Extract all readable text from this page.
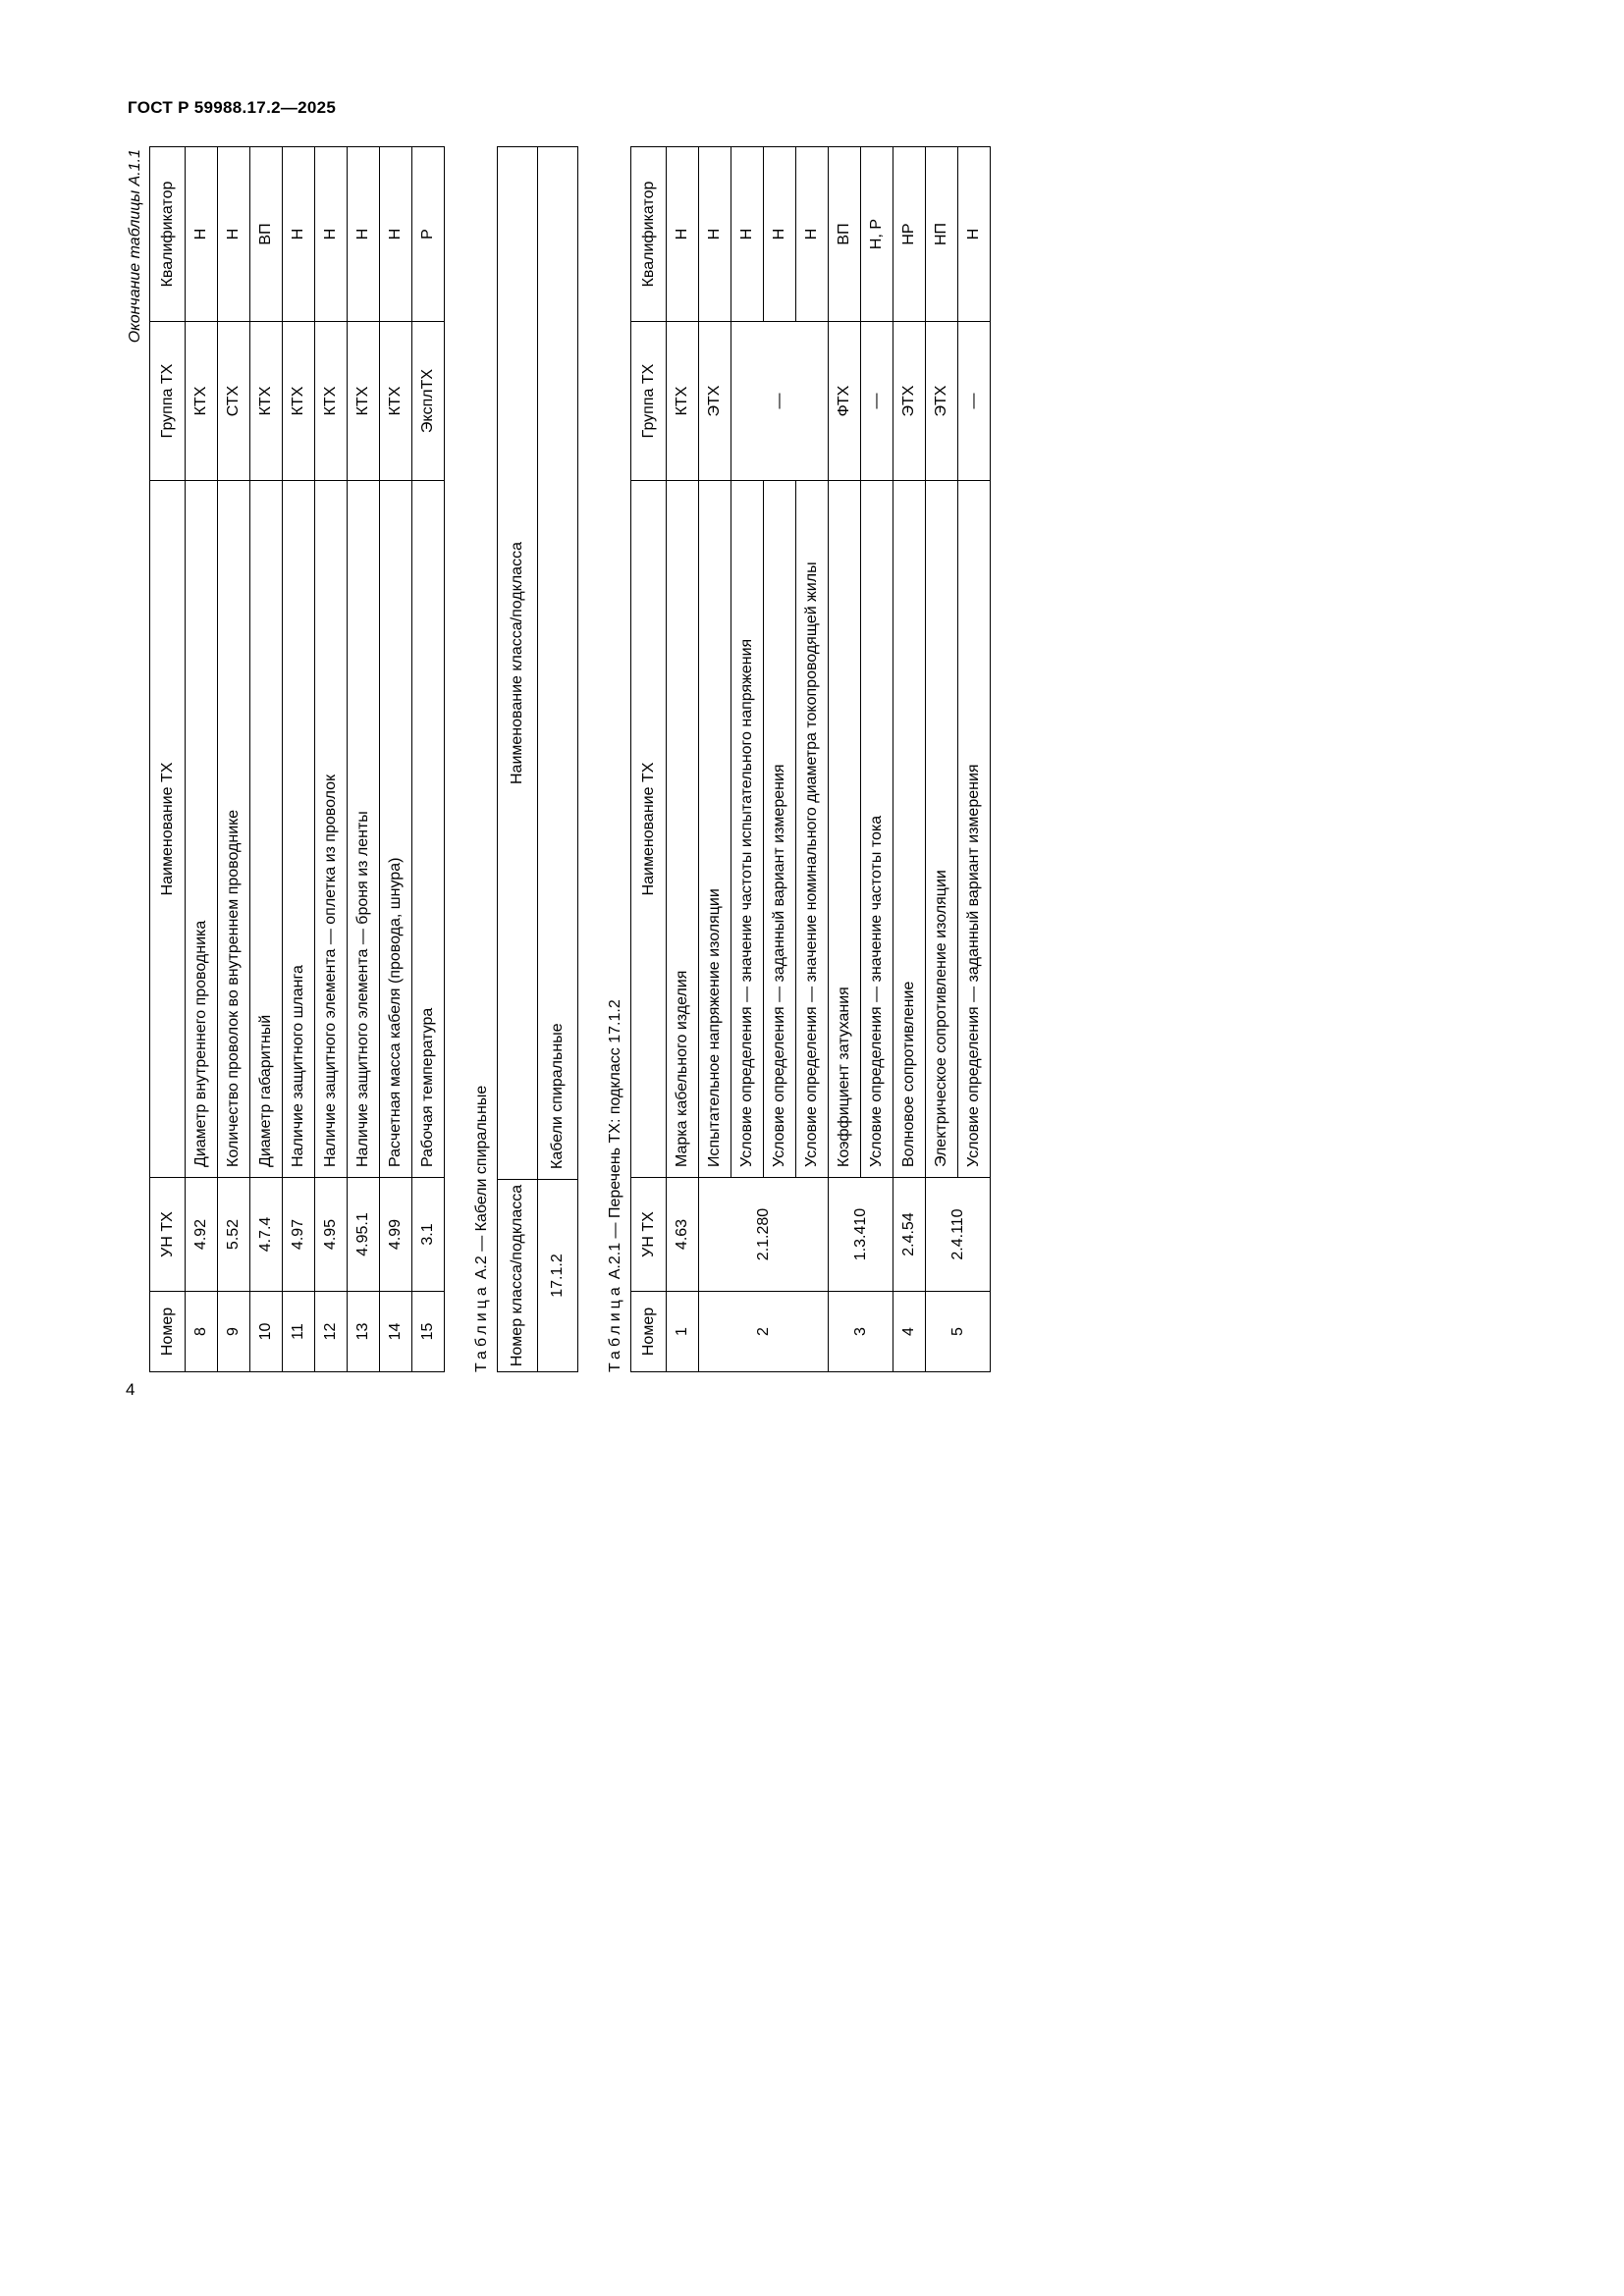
ГОСТ Р 59988.17.2—2025
Окончание таблицы А.1.1
Номер	УН ТХ	Наименование ТХ	Группа ТХ	Квалификатор
8	4.92	Диаметр внутреннего проводника	КТХ	Н
9	5.52	Количество проволок во внутреннем проводнике	СТХ	Н
10	4.7.4	Диаметр габаритный	КТХ	ВП
11	4.97	Наличие защитного шланга	КТХ	Н
12	4.95	Наличие защитного элемента — оплетка из проволок	КТХ	Н
13	4.95.1	Наличие защитного элемента — броня из ленты	КТХ	Н
14	4.99	Расчетная масса кабеля (провода, шнура)	КТХ	Н
15	3.1	Рабочая температура	ЭксплТХ	Р
ТаблицаА.2 — Кабели спиральные Номер класса/подкласса	Наименование класса/подкласса
17.1.2	Кабели спиральные
ТаблицаА.2.1 — Перечень ТХ: подкласс 17.1.2
Номер	УН ТХ	Наименование ТХ	Группа ТХ	Квалификатор
1	4.63	Марка кабельного изделия	КТХ	Н
2	2.1.280	Испытательное напряжение изоляции	ЭТХ	Н
		Условие определения — значение частоты испытательного напряжения	—	Н
		Условие определения — заданный вариант измерения		Н
		Условие определения — значение номинального диаметра токопроводящей жилы		Н
3	1.3.410	Коэффициент затухания	ФТХ	ВП
		Условие определения — значение частоты тока	—	Н, Р
4	2.4.54	Волновое сопротивление	ЭТХ	НР
5	2.4.110	Электрическое сопротивление изоляции	ЭТХ	НП
		Условие определения — заданный вариант измерения	—	Н
4
